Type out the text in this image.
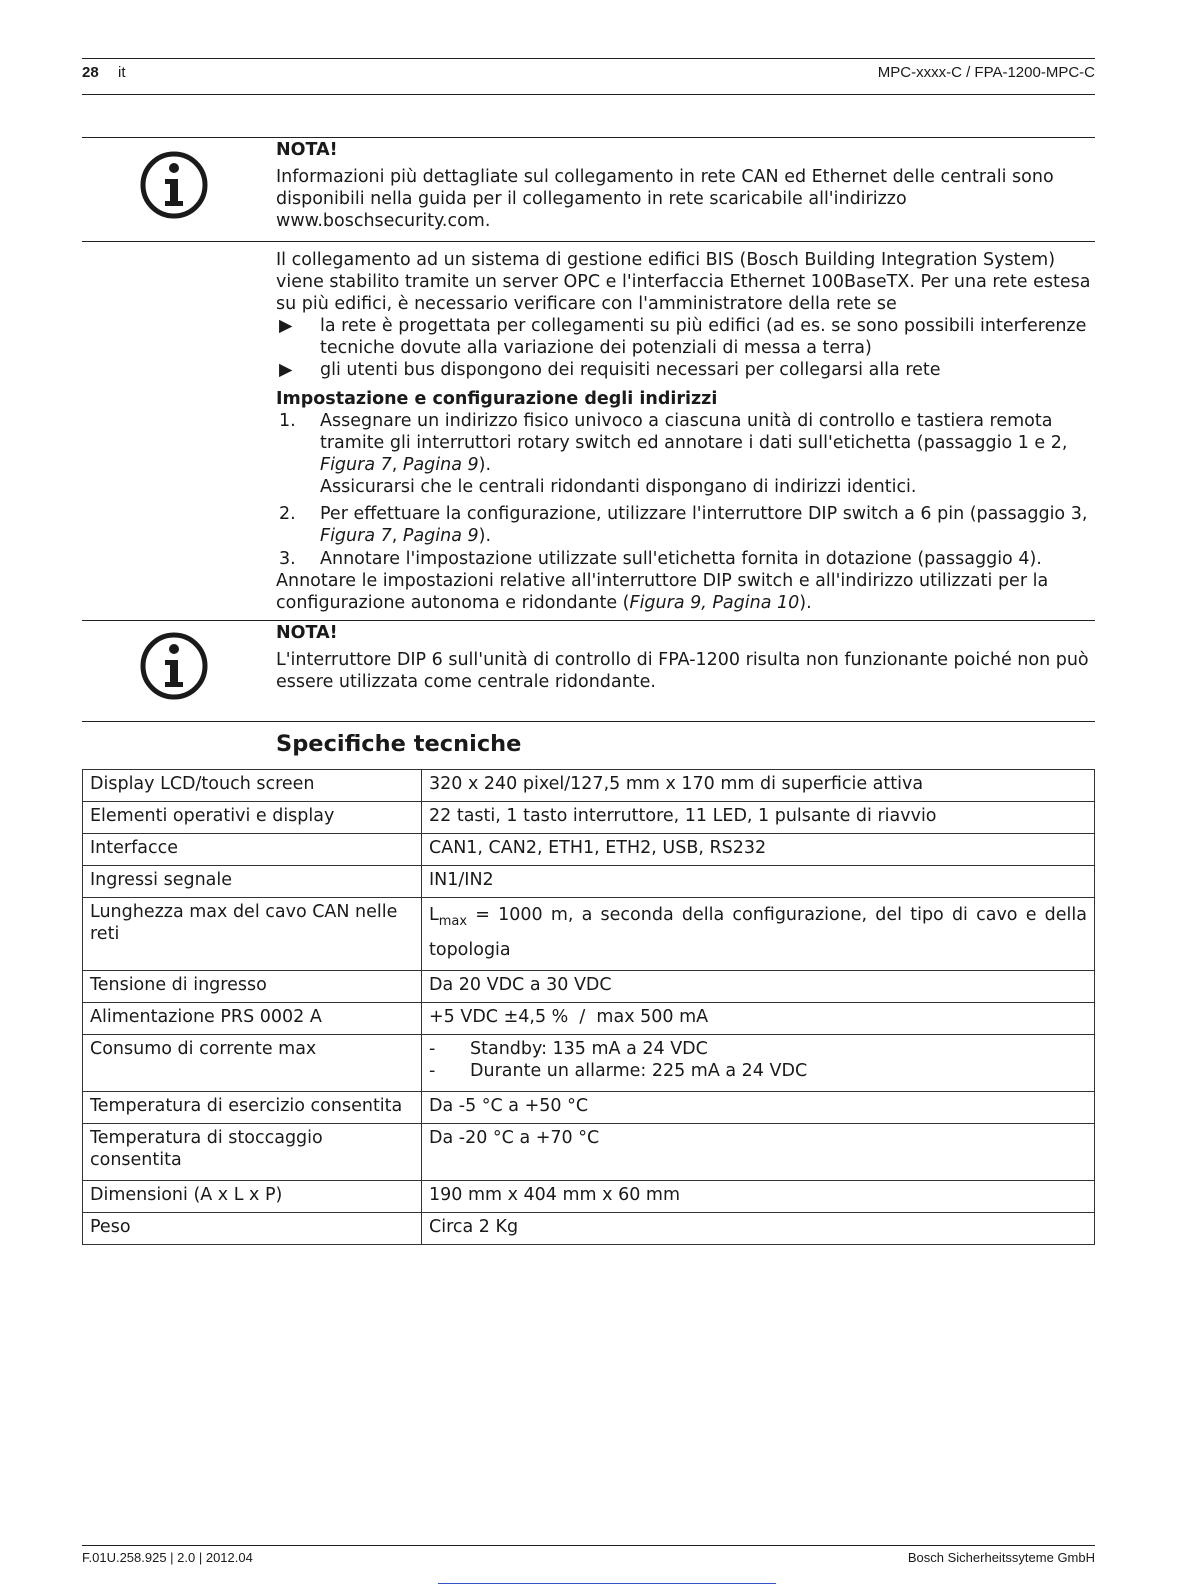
28 it	MPC-xxxx-C / FPA-1200-MPC-C
NOTA!
Informazioni più dettagliate sul collegamento in rete CAN ed Ethernet delle centrali sono
disponibili nella guida per il collegamento in rete scaricabile all'indirizzo
www.boschsecurity.com.
Il collegamento ad un sistema di gestione edifici BIS (Bosch Building Integration System)
viene stabilito tramite un server OPC e l'interfaccia Ethernet 100BaseTX. Per una rete estesa
su più edifici, è necessario verificare con l'amministratore della rete se
▶ la rete è progettata per collegamenti su più edifici (ad es. se sono possibili interferenze
tecniche dovute alla variazione dei potenziali di messa a terra)
▶ gli utenti bus dispongono dei requisiti necessari per collegarsi alla rete
Impostazione e configurazione degli indirizzi
1. Assegnare un indirizzo fisico univoco a ciascuna unità di controllo e tastiera remota
tramite gli interruttori rotary switch ed annotare i dati sull'etichetta (passaggio 1 e 2,
Figura 7, Pagina 9).
Assicurarsi che le centrali ridondanti dispongano di indirizzi identici.
2. Per effettuare la configurazione, utilizzare l'interruttore DIP switch a 6 pin (passaggio 3,
Figura 7, Pagina 9).
3. Annotare l'impostazione utilizzate sull'etichetta fornita in dotazione (passaggio 4).
Annotare le impostazioni relative all'interruttore DIP switch e all'indirizzo utilizzati per la
configurazione autonoma e ridondante (Figura 9, Pagina 10).
NOTA!
L'interruttore DIP 6 sull'unità di controllo di FPA-1200 risulta non funzionante poiché non può
essere utilizzata come centrale ridondante.
Specifiche tecniche
Display LCD/touch screen	320 x 240 pixel/127,5 mm x 170 mm di superficie attiva
Elementi operativi e display	22 tasti, 1 tasto interruttore, 11 LED, 1 pulsante di riavvio
Interfacce	CAN1, CAN2, ETH1, ETH2, USB, RS232
Ingressi segnale	IN1/IN2
Lunghezza max del cavo CAN nelle reti	$L_{max} = 1000$ m, a seconda della configurazione, del tipo di cavo e della
topologia

Tensione di ingresso	Da 20 VDC a 30 VDC
Alimentazione PRS 0002 A	+5 VDC ±4,5 %  /  max 500 mA
Consumo di corrente max	- Standby: 135 mA a 24 VDC
- Durante un allarme: 225 mA a 24 VDC

Temperatura di esercizio consentita	Da -5 °C a +50 °C
Temperatura di stoccaggio consentita	Da -20 °C a +70 °C
Dimensioni (A x L x P)	190 mm x 404 mm x 60 mm
Peso	Circa 2 Kg
F.01U.258.925 | 2.0 | 2012.04	Bosch Sicherheitssyteme GmbH
